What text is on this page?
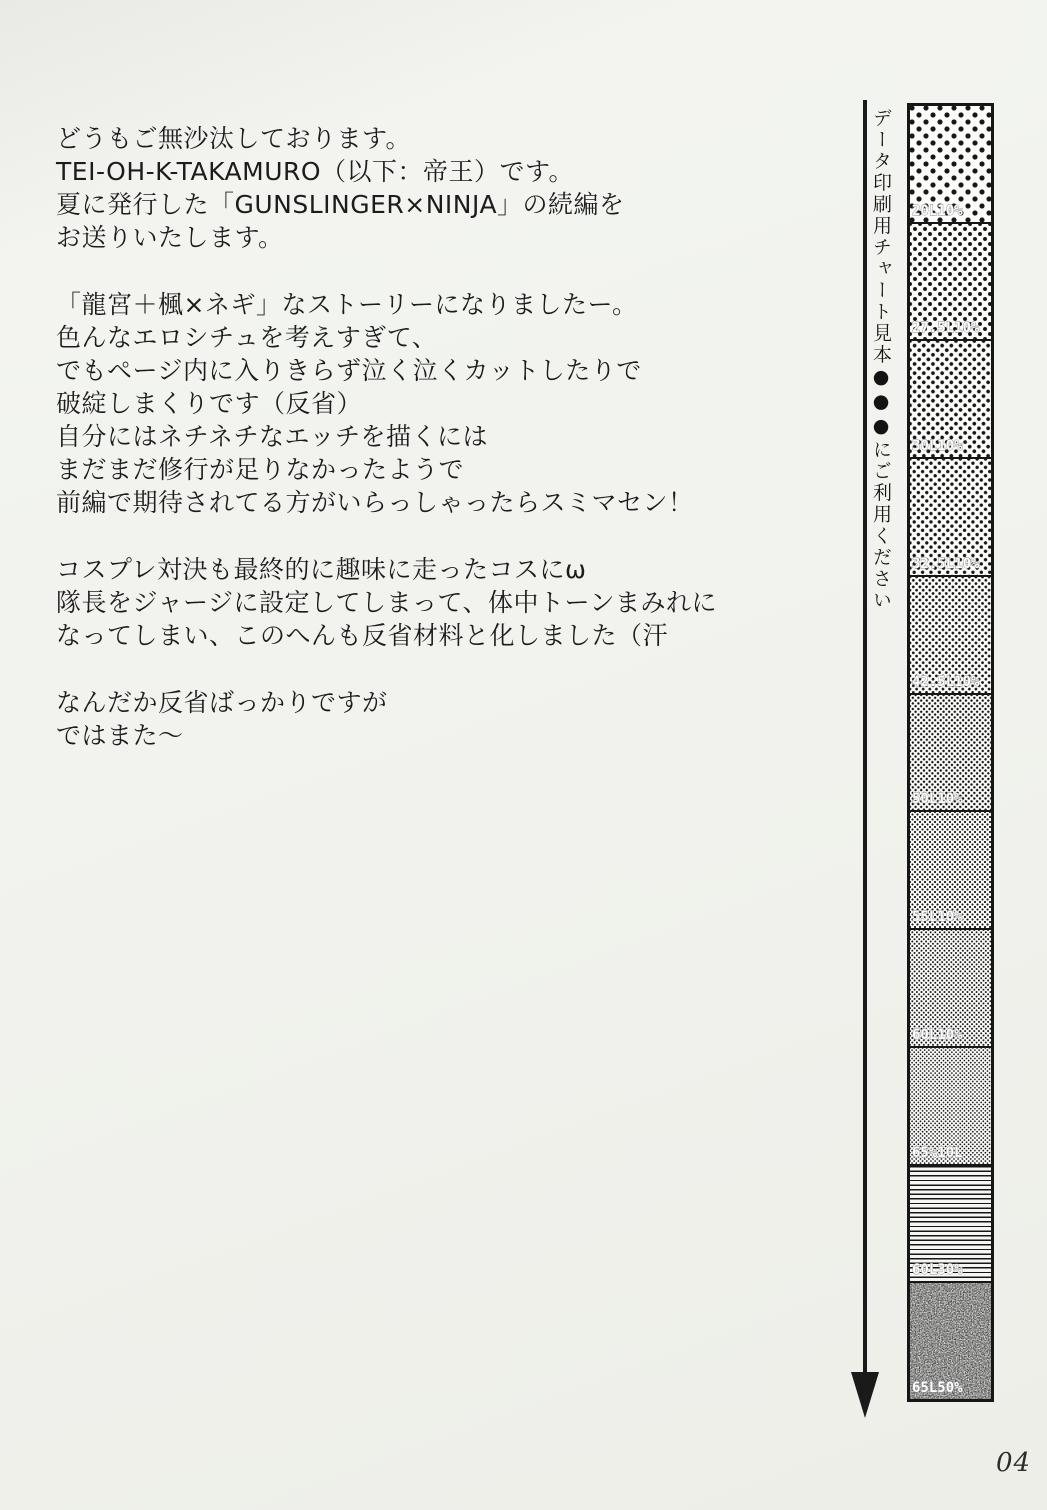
どうもご無沙汰しております。
TEI-OH-K-TAKAMURO（以下：帝王）です。
夏に発行した「GUNSLINGER×NINJA」の続編を
お送りいたします。
「龍宮＋楓×ネギ」なストーリーになりましたー。
色んなエロシチュを考えすぎて、
でもページ内に入りきらず泣く泣くカットしたりで
破綻しまくりです（反省）
自分にはネチネチなエッチを描くには
まだまだ修行が足りなかったようで
前編で期待されてる方がいらっしゃったらスミマセン！
コスプレ対決も最終的に趣味に走ったコスにω
隊長をジャージに設定してしまって、体中トーンまみれに
なってしまい、このへんも反省材料と化しました（汗
なんだか反省ばっかりですが
ではまた〜
データ印刷用チャート見本●●●にご利用ください 20L10%
27.5L10%
30L10%
32.5L10%
42.5L10%
50L10%
55L10%
60L10%
65%10L
60L30%
65L50%
04
